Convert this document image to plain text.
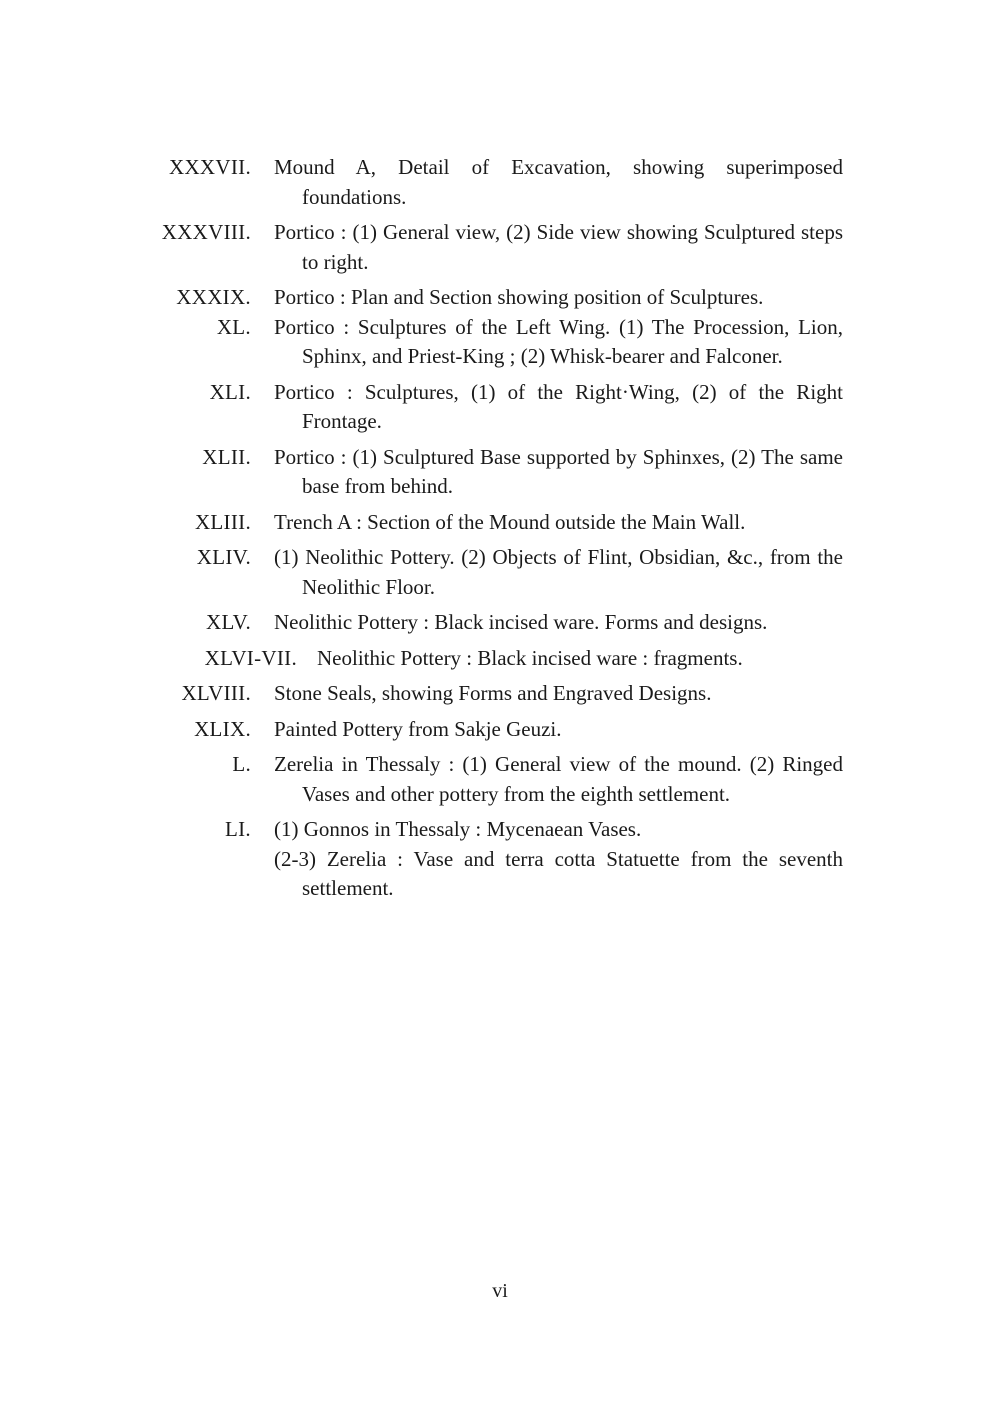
XXXVII. Mound A, Detail of Excavation, showing superimposed foundations.
XXXVIII. Portico : (1) General view, (2) Side view showing Sculptured steps to right.
XXXIX. Portico : Plan and Section showing position of Sculptures.
XL. Portico : Sculptures of the Left Wing. (1) The Procession, Lion, Sphinx, and Priest-King ; (2) Whisk-bearer and Falconer.
XLI. Portico : Sculptures, (1) of the Right·Wing, (2) of the Right Frontage.
XLII. Portico : (1) Sculptured Base supported by Sphinxes, (2) The same base from behind.
XLIII. Trench A : Section of the Mound outside the Main Wall.
XLIV. (1) Neolithic Pottery. (2) Objects of Flint, Obsidian, &c., from the Neolithic Floor.
XLV. Neolithic Pottery : Black incised ware. Forms and designs.
XLVI-VII. Neolithic Pottery : Black incised ware : fragments.
XLVIII. Stone Seals, showing Forms and Engraved Designs.
XLIX. Painted Pottery from Sakje Geuzi.
L. Zerelia in Thessaly : (1) General view of the mound. (2) Ringed Vases and other pottery from the eighth settlement.
LI. (1) Gonnos in Thessaly : Mycenaean Vases.
(2-3) Zerelia : Vase and terra cotta Statuette from the seventh settlement.
vi
